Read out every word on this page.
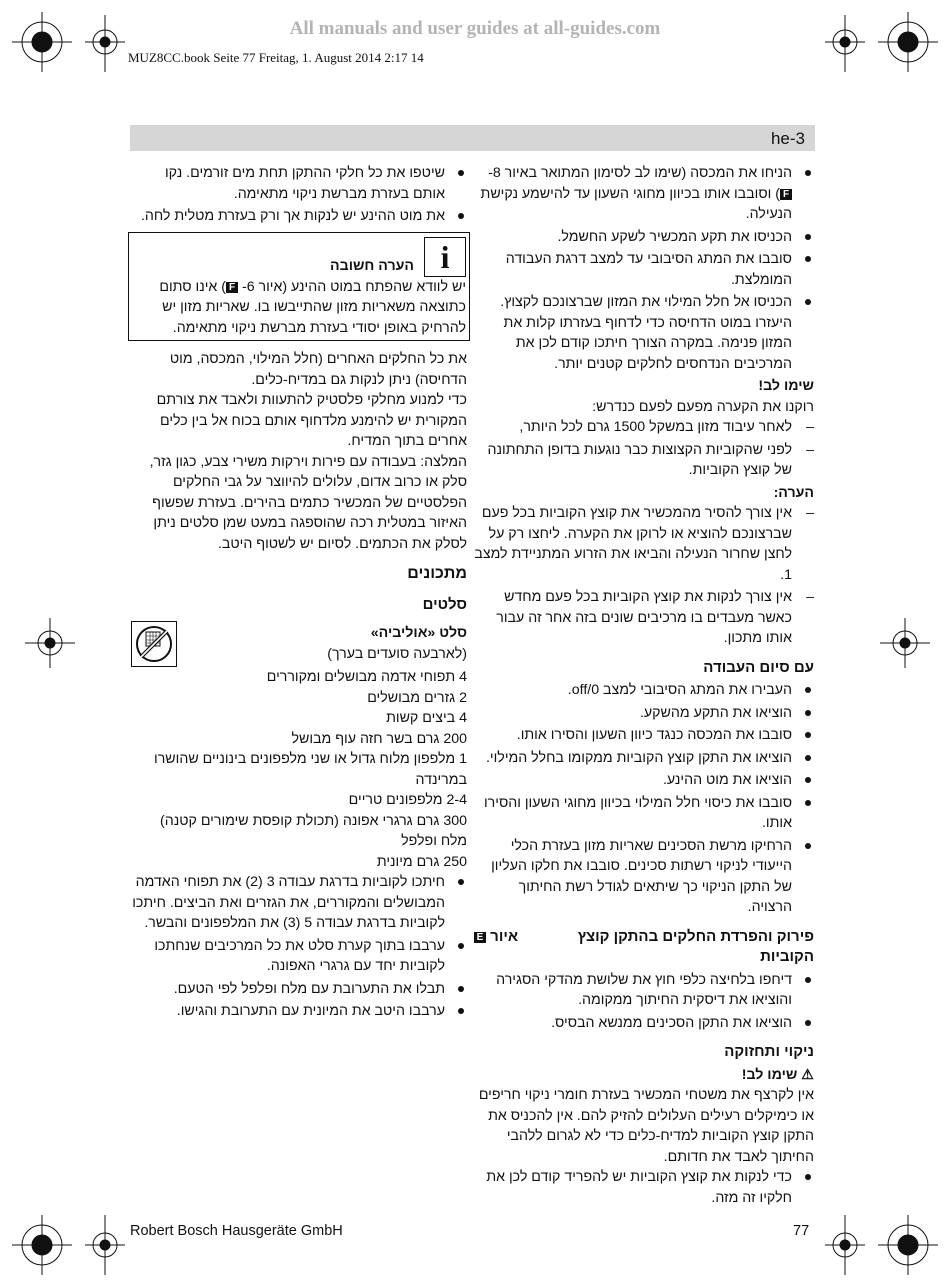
All manuals and user guides at all-guides.com
MUZ8CC.book Seite 77 Freitag, 1. August 2014 2:17 14
he-3
הניחו את המכסה (שימו לב לסימון המתואר באיור 8- F) וסובבו אותו בכיוון מחוגי השעון עד להישמע נקישת הנעילה.
הכניסו את תקע המכשיר לשקע החשמל.
סובבו את המתג הסיבובי עד למצב דרגת העבודה המומלצת.
הכניסו אל חלל המילוי את המזון שברצונכם לקצוץ. היעזרו במוט הדחיסה כדי לדחוף בעזרתו קלות את המזון פנימה. במקרה הצורך חיתכו קודם לכן את המרכיבים הנדחסים לחלקים קטנים יותר.
שימו לב!
רוקנו את הקערה מפעם לפעם כנדרש:
– לאחר עיבוד מזון במשקל 1500 גרם לכל היותר,
– לפני שהקוביות הקצוצות כבר נוגעות בדופן התחתונה של קוצץ הקוביות.
הערה:
– אין צורך להסיר מהמכשיר את קוצץ הקוביות בכל פעם שברצונכם להוציא או לרוקן את הקערה. ליחצו רק על לחצן שחרור הנעילה והביאו את הזרוע המתניידת למצב 1.
– אין צורך לנקות את קוצץ הקוביות בכל פעם מחדש כאשר מעבדים בו מרכיבים שונים בזה אחר זה עבור אותו מתכון.
עם סיום העבודה
העבירו את המתג הסיבובי למצב off/0.
הוציאו את התקע מהשקע.
סובבו את המכסה כנגד כיוון השעון והסירו אותו.
הוציאו את התקן קוצץ הקוביות ממקומו בחלל המילוי.
הוציאו את מוט ההינע.
סובבו את כיסוי חלל המילוי בכיוון מחוגי השעון והסירו אותו.
הרחיקו מרשת הסכינים שאריות מזון בעזרת הכלי הייעודי לניקוי רשתות סכינים. סובבו את חלקו העליון של התקן הניקוי כך שיתאים לגודל רשת החיתוך הרצויה.
פירוק והפרדת החלקים בהתקן קוצץ הקוביות
איור E
דיחפו בלחיצה כלפי חוץ את שלושת מהדקי הסגירה והוציאו את דיסקית החיתוך ממקומה.
הוציאו את התקן הסכינים ממנשא הבסיס.
ניקוי ותחזוקה
⚠ שימו לב!
אין לקרצף את משטחי המכשיר בעזרת חומרי ניקוי חריפים או כימיקלים רעילים העלולים להזיק להם. אין להכניס את התקן קוצץ הקוביות למדיח-כלים כדי לא לגרום ללהבי החיתוך לאבד את חדותם.
כדי לנקות את קוצץ הקוביות יש להפריד קודם לכן את חלקיו זה מזה.
שיטפו את כל חלקי ההתקן תחת מים זורמים. נקו אותם בעזרת מברשת ניקוי מתאימה.
את מוט ההינע יש לנקות אך ורק בעזרת מטלית לחה.
i
הערה חשובה
יש לוודא שהפתח במוט ההינע (איור 6- F) אינו סתום כתוצאה משאריות מזון שהתייבשו בו. שאריות מזון יש להרחיק באופן יסודי בעזרת מברשת ניקוי מתאימה.
את כל החלקים האחרים (חלל המילוי, המכסה, מוט הדחיסה) ניתן לנקות גם במדיח-כלים.
כדי למנוע מחלקי פלסטיק להתעוות ולאבד את צורתם המקורית יש להימנע מלדחוף אותם בכוח אל בין כלים אחרים בתוך המדיח.
המלצה: בעבודה עם פירות וירקות משירי צבע, כגון גזר, סלק או כרוב אדום, עלולים להיווצר על גבי החלקים הפלסטיים של המכשיר כתמים בהירים. בעזרת שפשוף האיזור במטלית רכה שהוספגה במעט שמן סלטים ניתן לסלק את הכתמים. לסיום יש לשטוף היטב.
מתכונים
סלטים
סלט «אוליביה»
(לארבעה סועדים בערך)
4 תפוחי אדמה מבושלים ומקוררים
2 גזרים מבושלים
4 ביצים קשות
200 גרם בשר חזה עוף מבושל
1 מלפפון מלוח גדול או שני מלפפונים בינוניים שהושרו במרינדה
2-4 מלפפונים טריים
300 גרם גרגרי אפונה (תכולת קופסת שימורים קטנה)
מלח ופלפל
250 גרם מיונית
חיתכו לקוביות בדרגת עבודה 3 (2) את תפוחי האדמה המבושלים והמקוררים, את הגזרים ואת הביצים. חיתכו לקוביות בדרגת עבודה 5 (3) את המלפפונים והבשר.
ערבבו בתוך קערת סלט את כל המרכיבים שנחתכו לקוביות יחד עם גרגרי האפונה.
תבלו את התערובת עם מלח ופלפל לפי הטעם.
ערבבו היטב את המיונית עם התערובת והגישו.
Robert Bosch Hausgeräte GmbH	77
